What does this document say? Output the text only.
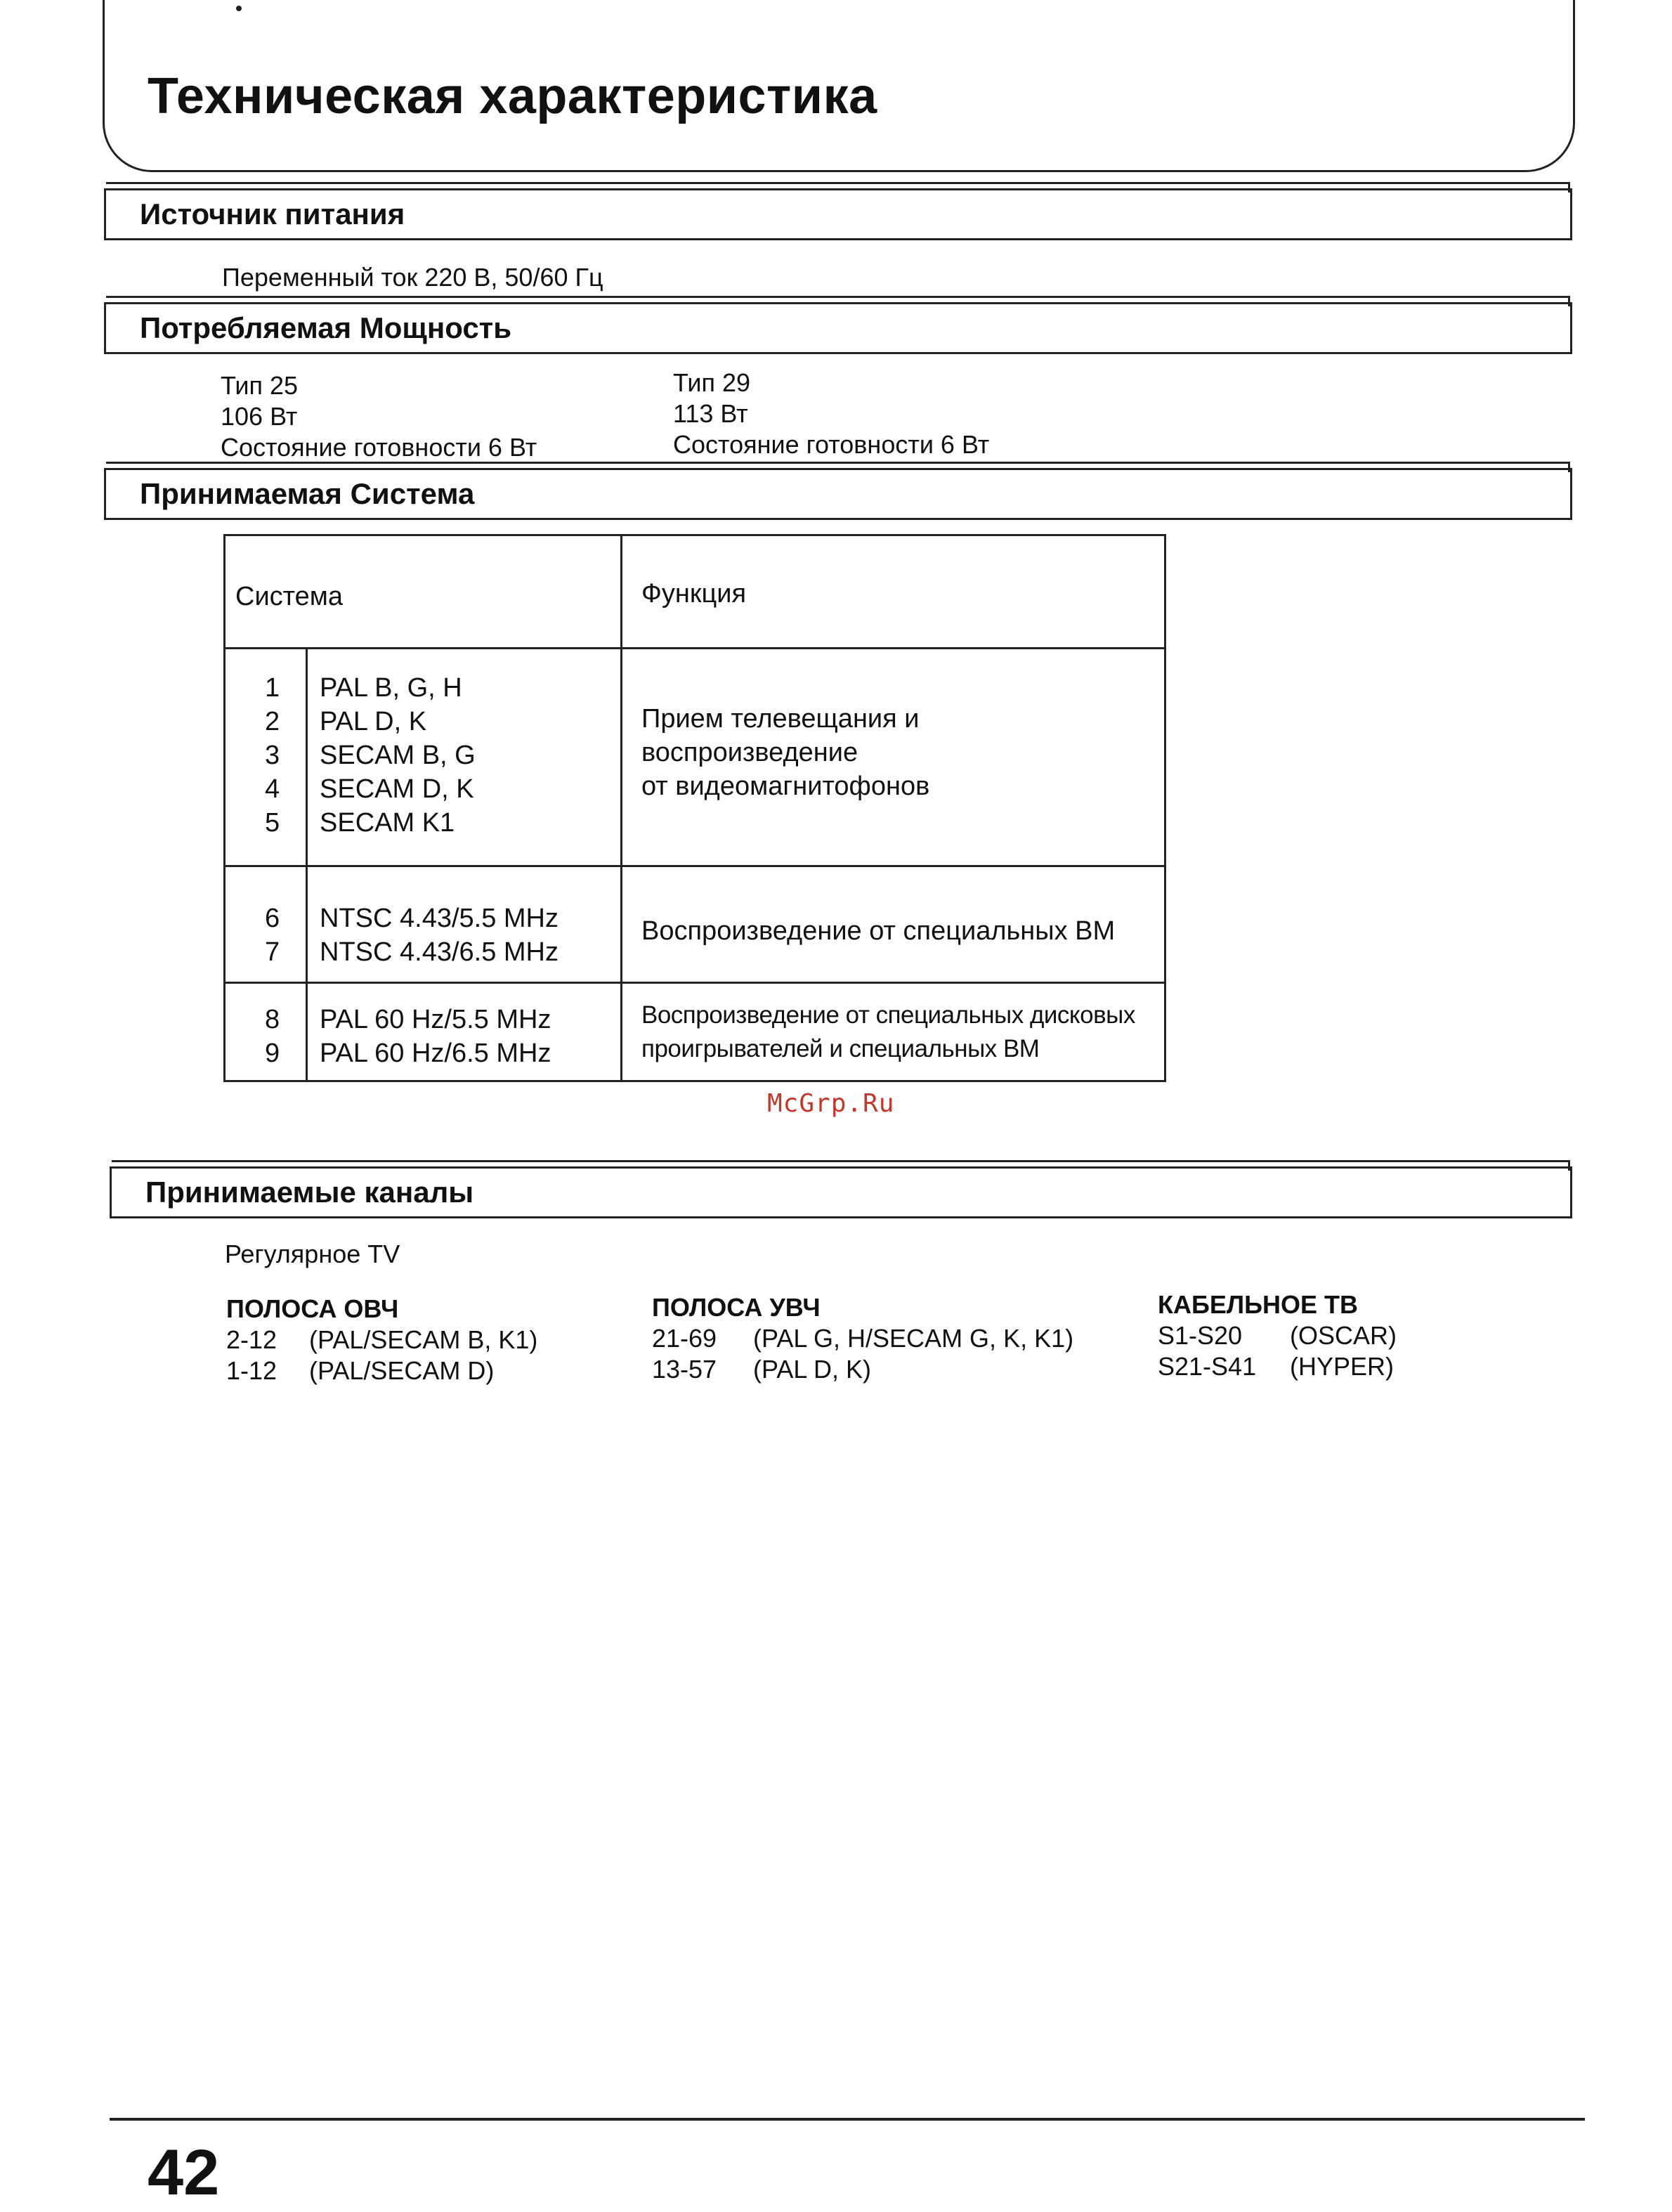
Техническая характеристика
Источник питания
Переменный ток 220 В, 50/60 Гц
Потребляемая Мощность
Тип 25
106 Вт
Состояние готовности 6 Вт
Тип 29
113 Вт
Состояние готовности 6 Вт
Принимаемая Система
Система	Функция
1
2
3
4
5
PAL B, G, H
PAL D, K
SECAM B, G
SECAM D, K
SECAM K1
Прием телевещания и
воспроизведение
от видеомагнитофонов
6
7
NTSC 4.43/5.5 MHz
NTSC 4.43/6.5 MHz
Воспроизведение от специальных ВМ
8
9
PAL 60 Hz/5.5 MHz
PAL 60 Hz/6.5 MHz
Воспроизведение от специальных дисковых
проигрывателей и специальных ВМ
McGrp.Ru
Принимаемые каналы
Регулярное TV
ПОЛОСА ОВЧ
2-12 (PAL/SECAM B, K1)
1-12 (PAL/SECAM D)
ПОЛОСА УВЧ
21-69 (PAL G, H/SECAM G, K, K1)
13-57 (PAL D, K)
КАБЕЛЬНОЕ ТВ
S1-S20 (OSCAR)
S21-S41 (HYPER)
42
